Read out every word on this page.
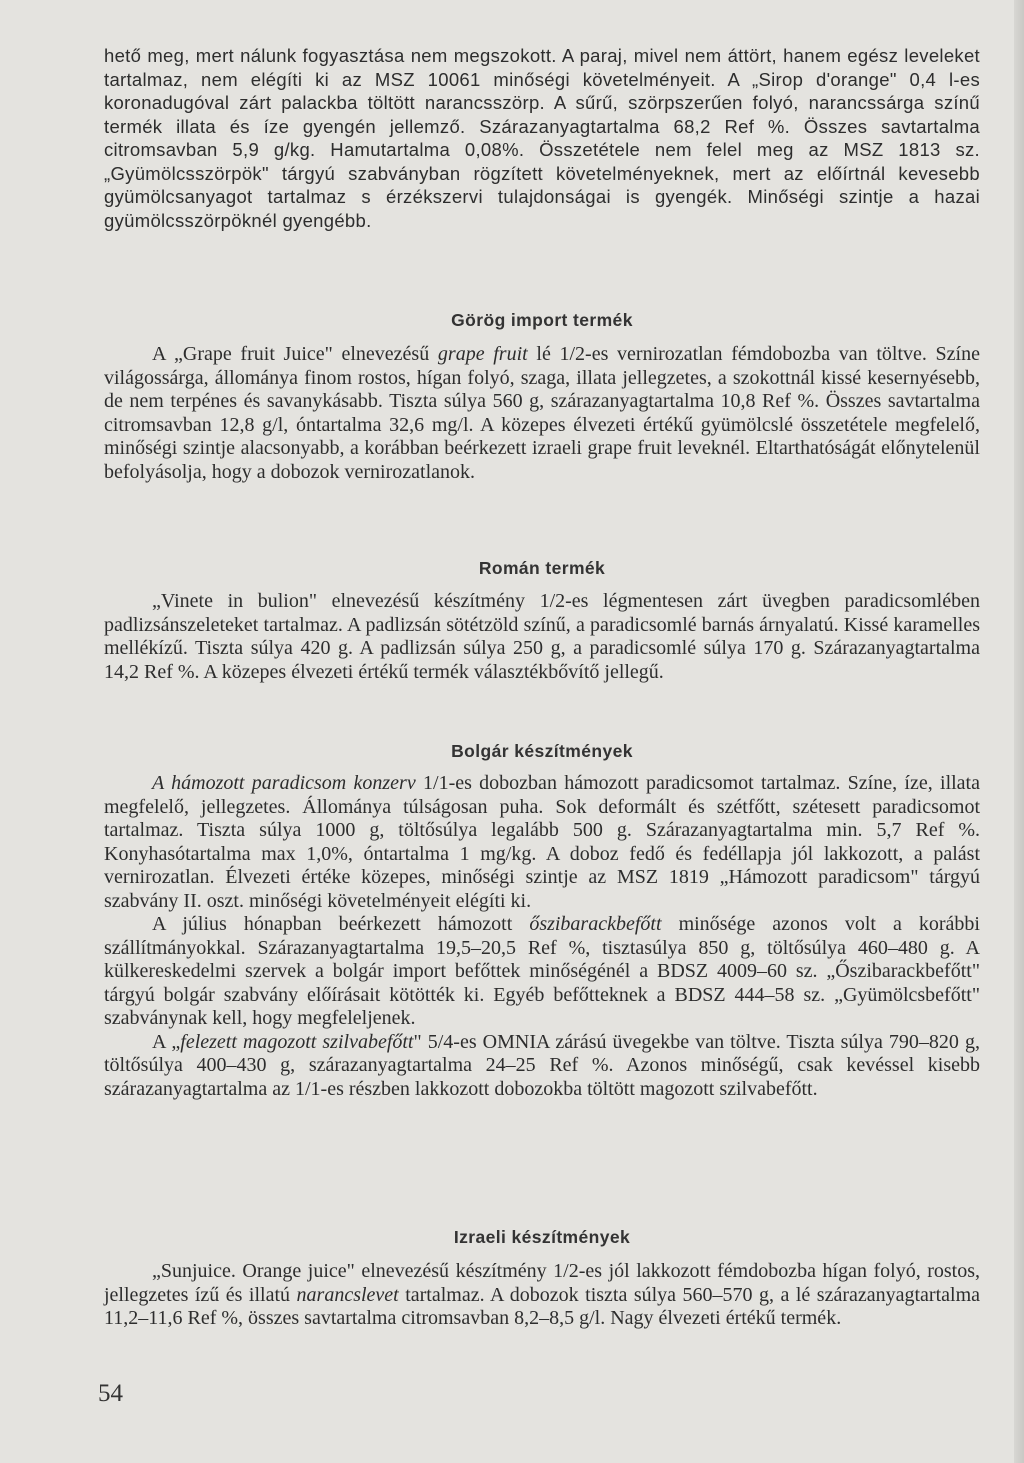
hető meg, mert nálunk fogyasztása nem megszokott. A paraj, mivel nem áttört, hanem egész leveleket tartalmaz, nem elégíti ki az MSZ 10061 minőségi követelményeit. A „Sirop d'orange" 0,4 l-es koronadugóval zárt palackba töltött narancsszörp. A sűrű, szörpszerűen folyó, narancssárga színű termék illata és íze gyengén jellemző. Szárazanyagtartalma 68,2 Ref %. Összes savtartalma citromsavban 5,9 g/kg. Hamutartalma 0,08%. Összetétele nem felel meg az MSZ 1813 sz. „Gyümölcsszörpök" tárgyú szabványban rögzített követelményeknek, mert az előírtnál kevesebb gyümölcsanyagot tartalmaz s érzékszervi tulajdonságai is gyengék. Minőségi szintje a hazai gyümölcsszörpöknél gyengébb.

Görög import termék

A „Grape fruit Juice" elnevezésű grape fruit lé 1/2-es vernirozatlan fémdobozba van töltve. Színe világossárga, állománya finom rostos, hígan folyó, szaga, illata jellegzetes, a szokottnál kissé kesernyésebb, de nem terpénes és savanykásabb. Tiszta súlya 560 g, szárazanyagtartalma 10,8 Ref %. Összes savtartalma citromsavban 12,8 g/l, óntartalma 32,6 mg/l. A közepes élvezeti értékű gyümölcslé összetétele megfelelő, minőségi szintje alacsonyabb, a korábban beérkezett izraeli grape fruit leveknél. Eltarthatóságát előnytelenül befolyásolja, hogy a dobozok vernirozatlanok.

Román termék

„Vinete in bulion" elnevezésű készítmény 1/2-es légmentesen zárt üvegben paradicsomlében padlizsánszeleteket tartalmaz. A padlizsán sötétzöld színű, a paradicsomlé barnás árnyalatú. Kissé karamelles mellékízű. Tiszta súlya 420 g. A padlizsán súlya 250 g, a paradicsomlé súlya 170 g. Szárazanyagtartalma 14,2 Ref %. A közepes élvezeti értékű termék választékbővítő jellegű.

Bolgár készítmények

A hámozott paradicsom konzerv 1/1-es dobozban hámozott paradicsomot tartalmaz. Színe, íze, illata megfelelő, jellegzetes. Állománya túlságosan puha. Sok deformált és szétfőtt, szétesett paradicsomot tartalmaz. Tiszta súlya 1000 g, töltősúlya legalább 500 g. Szárazanyagtartalma min. 5,7 Ref %. Konyhasótartalma max 1,0%, óntartalma 1 mg/kg. A doboz fedő és fedéllapja jól lakkozott, a palást vernirozatlan. Élvezeti értéke közepes, minőségi szintje az MSZ 1819 „Hámozott paradicsom" tárgyú szabvány II. oszt. minőségi követelményeit elégíti ki.

A július hónapban beérkezett hámozott őszibarackbefőtt minősége azonos volt a korábbi szállítmányokkal. Szárazanyagtartalma 19,5–20,5 Ref %, tisztasúlya 850 g, töltősúlya 460–480 g. A külkereskedelmi szervek a bolgár import befőttek minőségénél a BDSZ 4009–60 sz. „Őszibarackbefőtt" tárgyú bolgár szabvány előírásait kötötték ki. Egyéb befőtteknek a BDSZ 444–58 sz. „Gyümölcsbefőtt" szabványnak kell, hogy megfeleljenek.

A „felezett magozott szilvabefőtt" 5/4-es OMNIA zárású üvegekbe van töltve. Tiszta súlya 790–820 g, töltősúlya 400–430 g, szárazanyagtartalma 24–25 Ref %. Azonos minőségű, csak kevéssel kisebb szárazanyagtartalma az 1/1-es részben lakkozott dobozokba töltött magozott szilvabefőtt.

Izraeli készítmények

„Sunjuice. Orange juice" elnevezésű készítmény 1/2-es jól lakkozott fémdobozba hígan folyó, rostos, jellegzetes ízű és illatú narancslevet tartalmaz. A dobozok tiszta súlya 560–570 g, a lé szárazanyagtartalma 11,2–11,6 Ref %, összes savtartalma citromsavban 8,2–8,5 g/l. Nagy élvezeti értékű termék.

54
